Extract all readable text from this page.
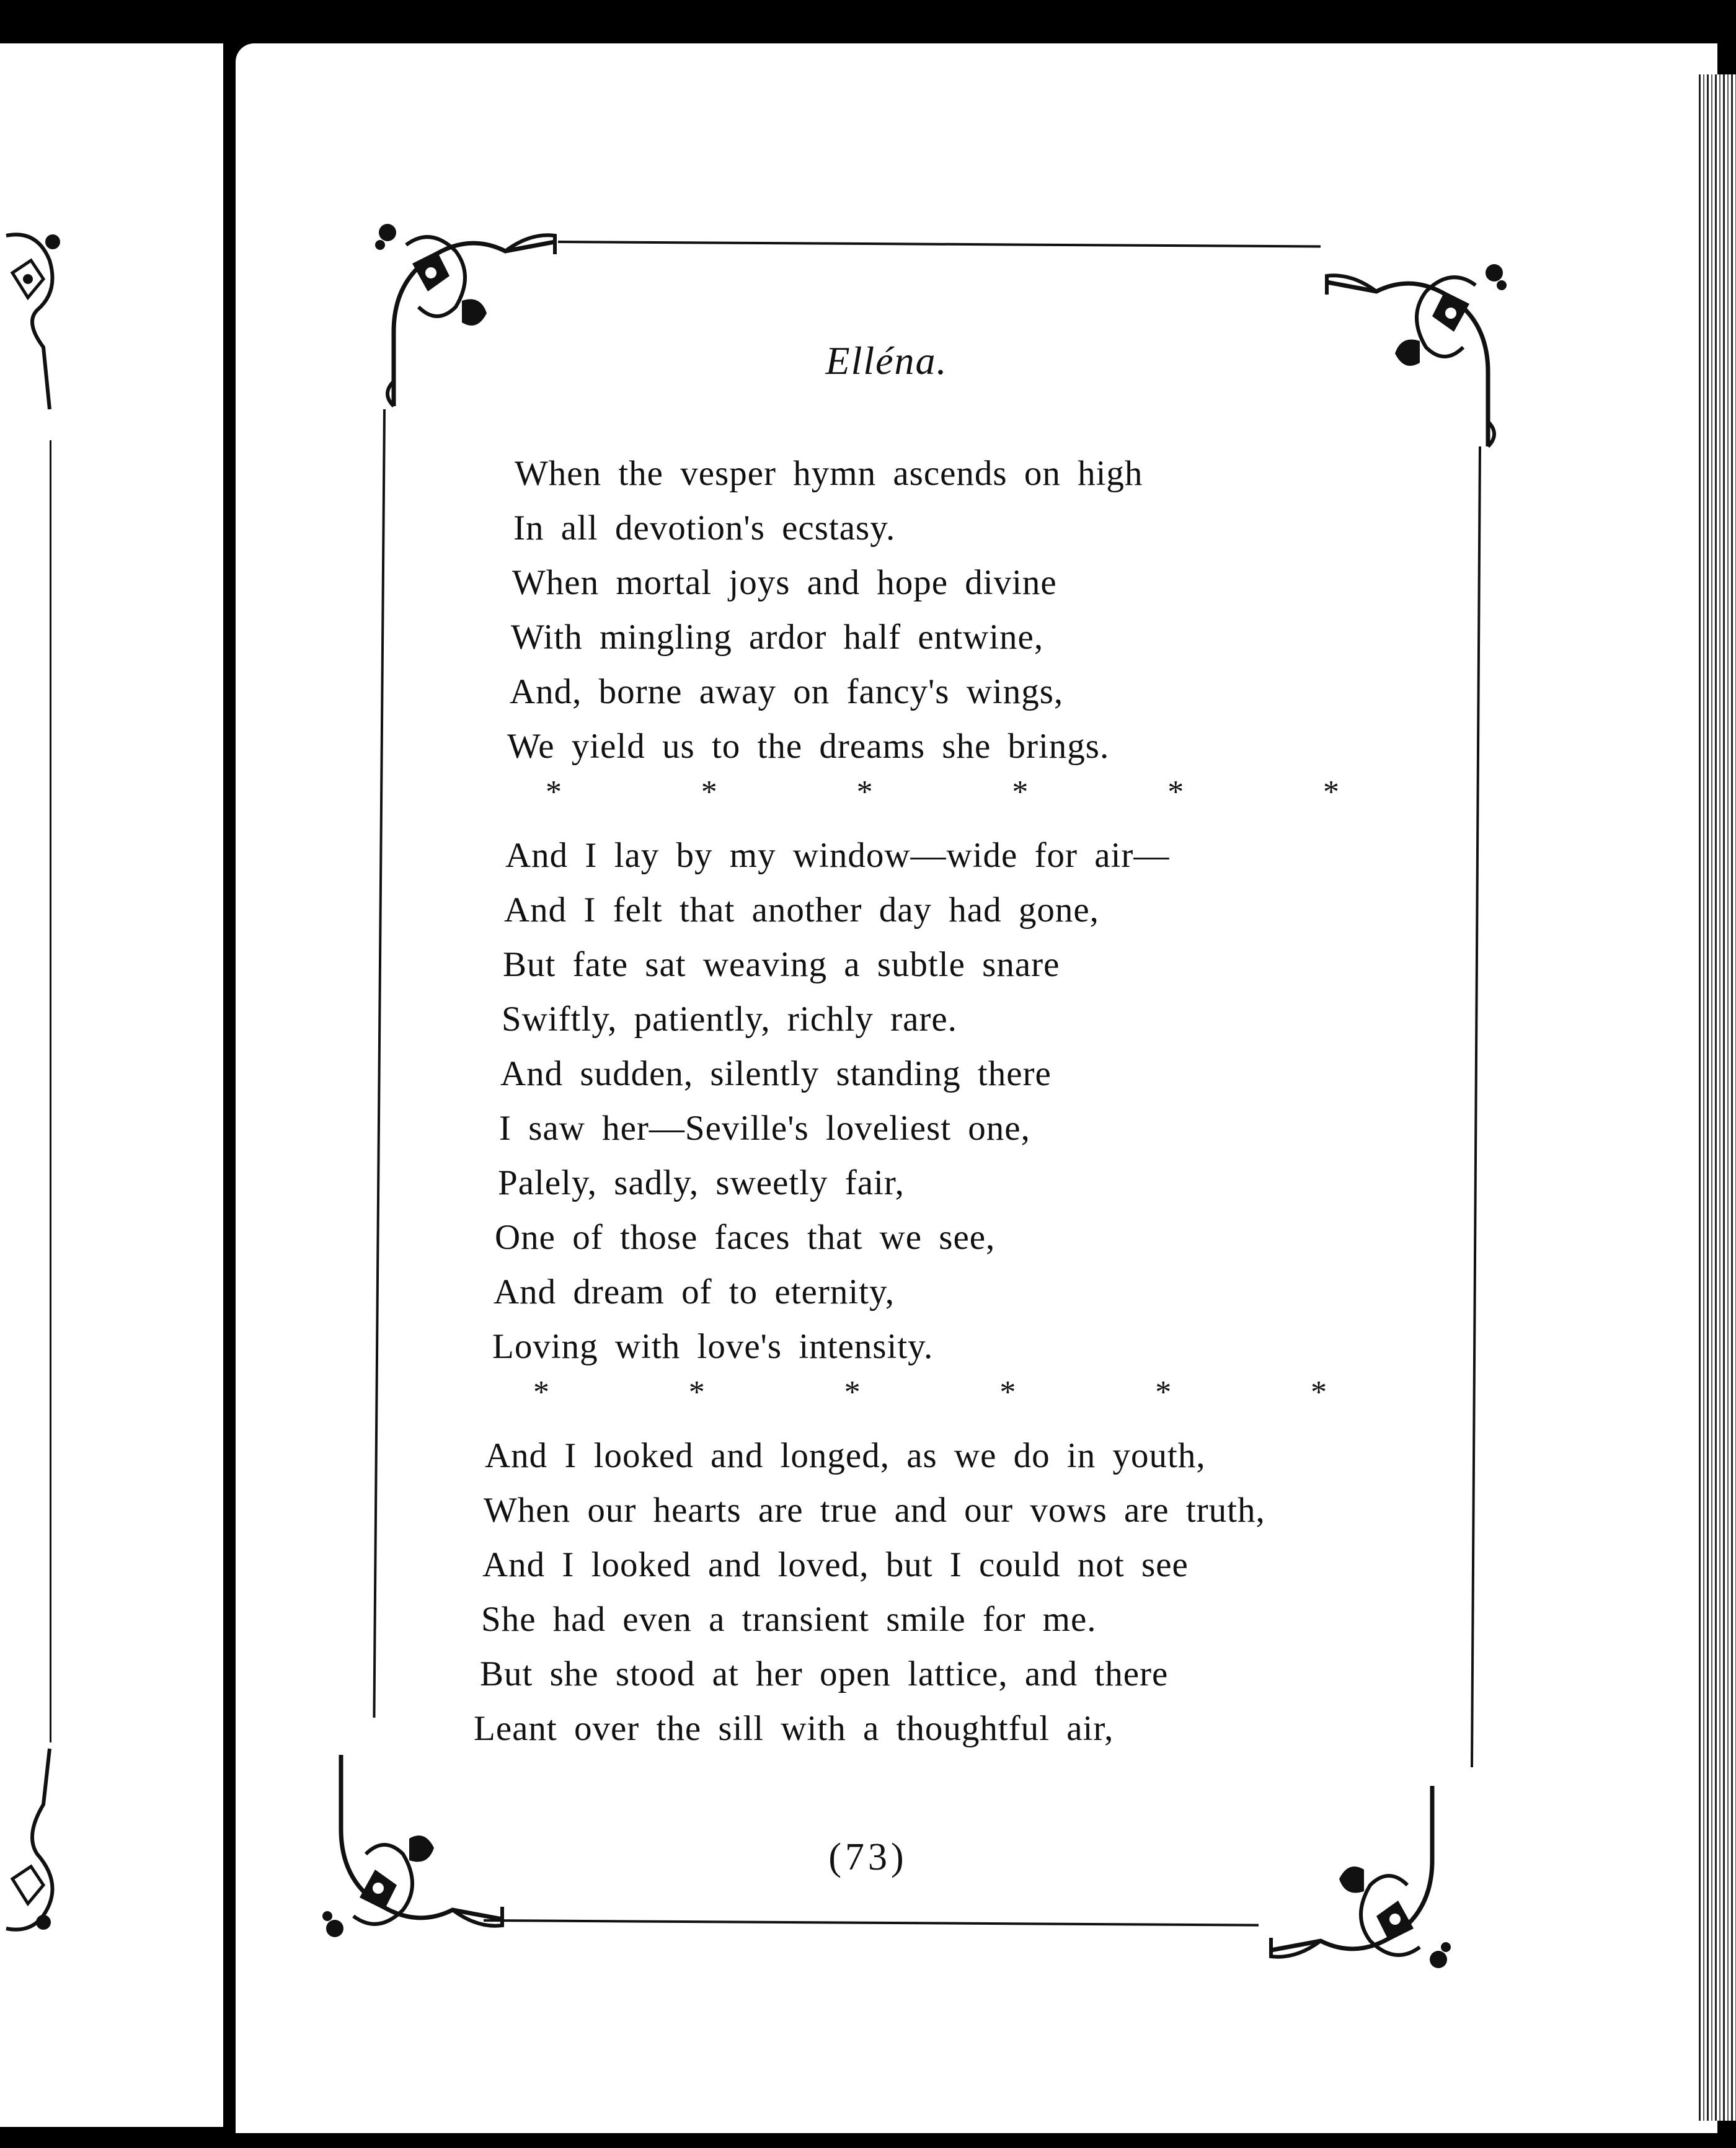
Elléna.
When the vesper hymn ascends on high
In all devotion's ecstasy.
When mortal joys and hope divine
With mingling ardor half entwine,
And, borne away on fancy's wings,
We yield us to the dreams she brings.
*	*	*	*	*	*
And I lay by my window—wide for air—
And I felt that another day had gone,
But fate sat weaving a subtle snare
Swiftly, patiently, richly rare.
And sudden, silently standing there
I saw her—Seville's loveliest one,
Palely, sadly, sweetly fair,
One of those faces that we see,
And dream of to eternity,
Loving with love's intensity.
*	*	*	*	*	*
And I looked and longed, as we do in youth,
When our hearts are true and our vows are truth,
And I looked and loved, but I could not see
She had even a transient smile for me.
But she stood at her open lattice, and there
Leant over the sill with a thoughtful air,
(73)
